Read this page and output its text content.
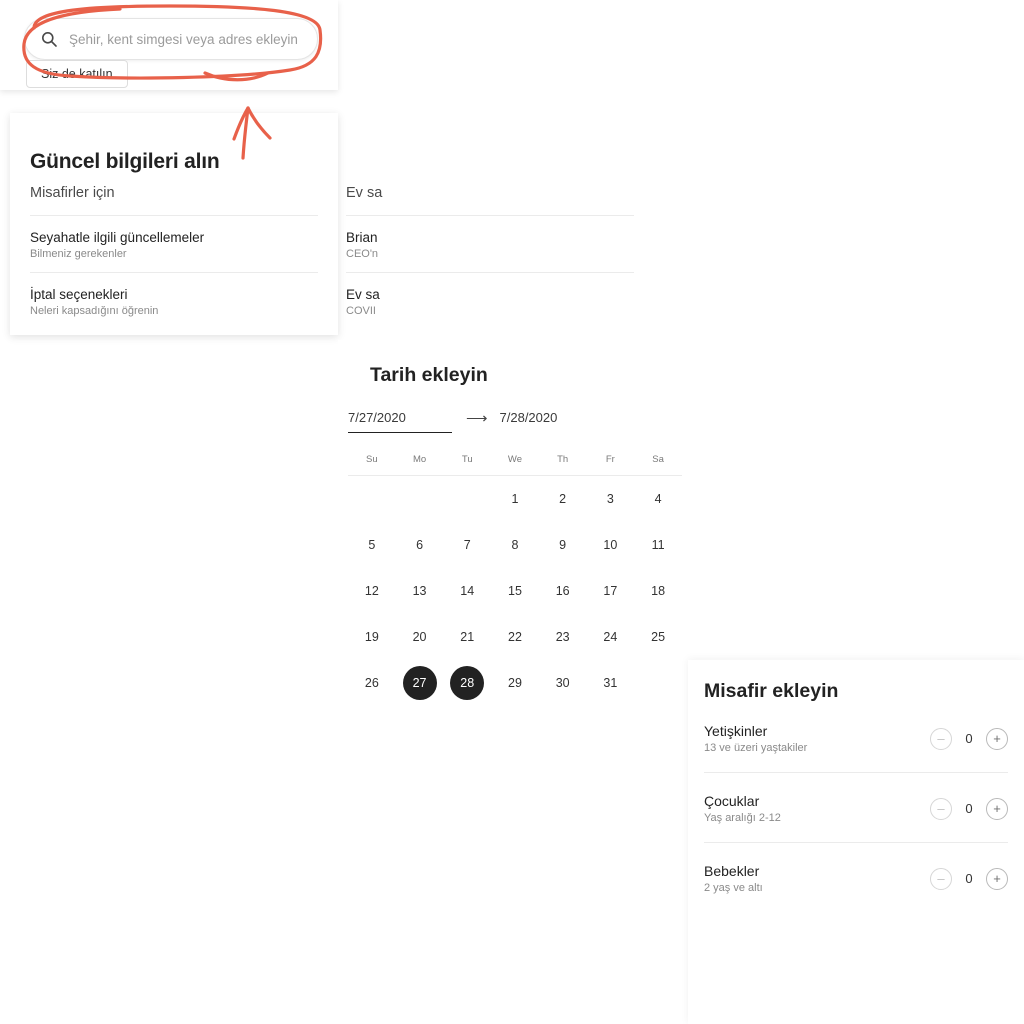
Şehir, kent simgesi veya adres ekleyin
Siz de katılın
Güncel bilgileri alın
Misafirler için
Seyahatle ilgili güncellemeler
Bilmeniz gerekenler
İptal seçenekleri
Neleri kapsadığını öğrenin
Ev sa
Brian
CEO'n
Ev sa
COVII
Tarih ekleyin
7/27/2020
⟶
7/28/2020
Su	Mo	Tu	We	Th	Fr	Sa
			1	2	3	4
5	6	7	8	9	10	11
12	13	14	15	16	17	18
19	20	21	22	23	24	25
26	27	28	29	30	31		Misafir ekleyin
Yetişkinler
13 ve üzeri yaştakiler
–	0	+
Çocuklar
Yaş aralığı 2-12
–	0	+
Bebekler
2 yaş ve altı
–	0	+
